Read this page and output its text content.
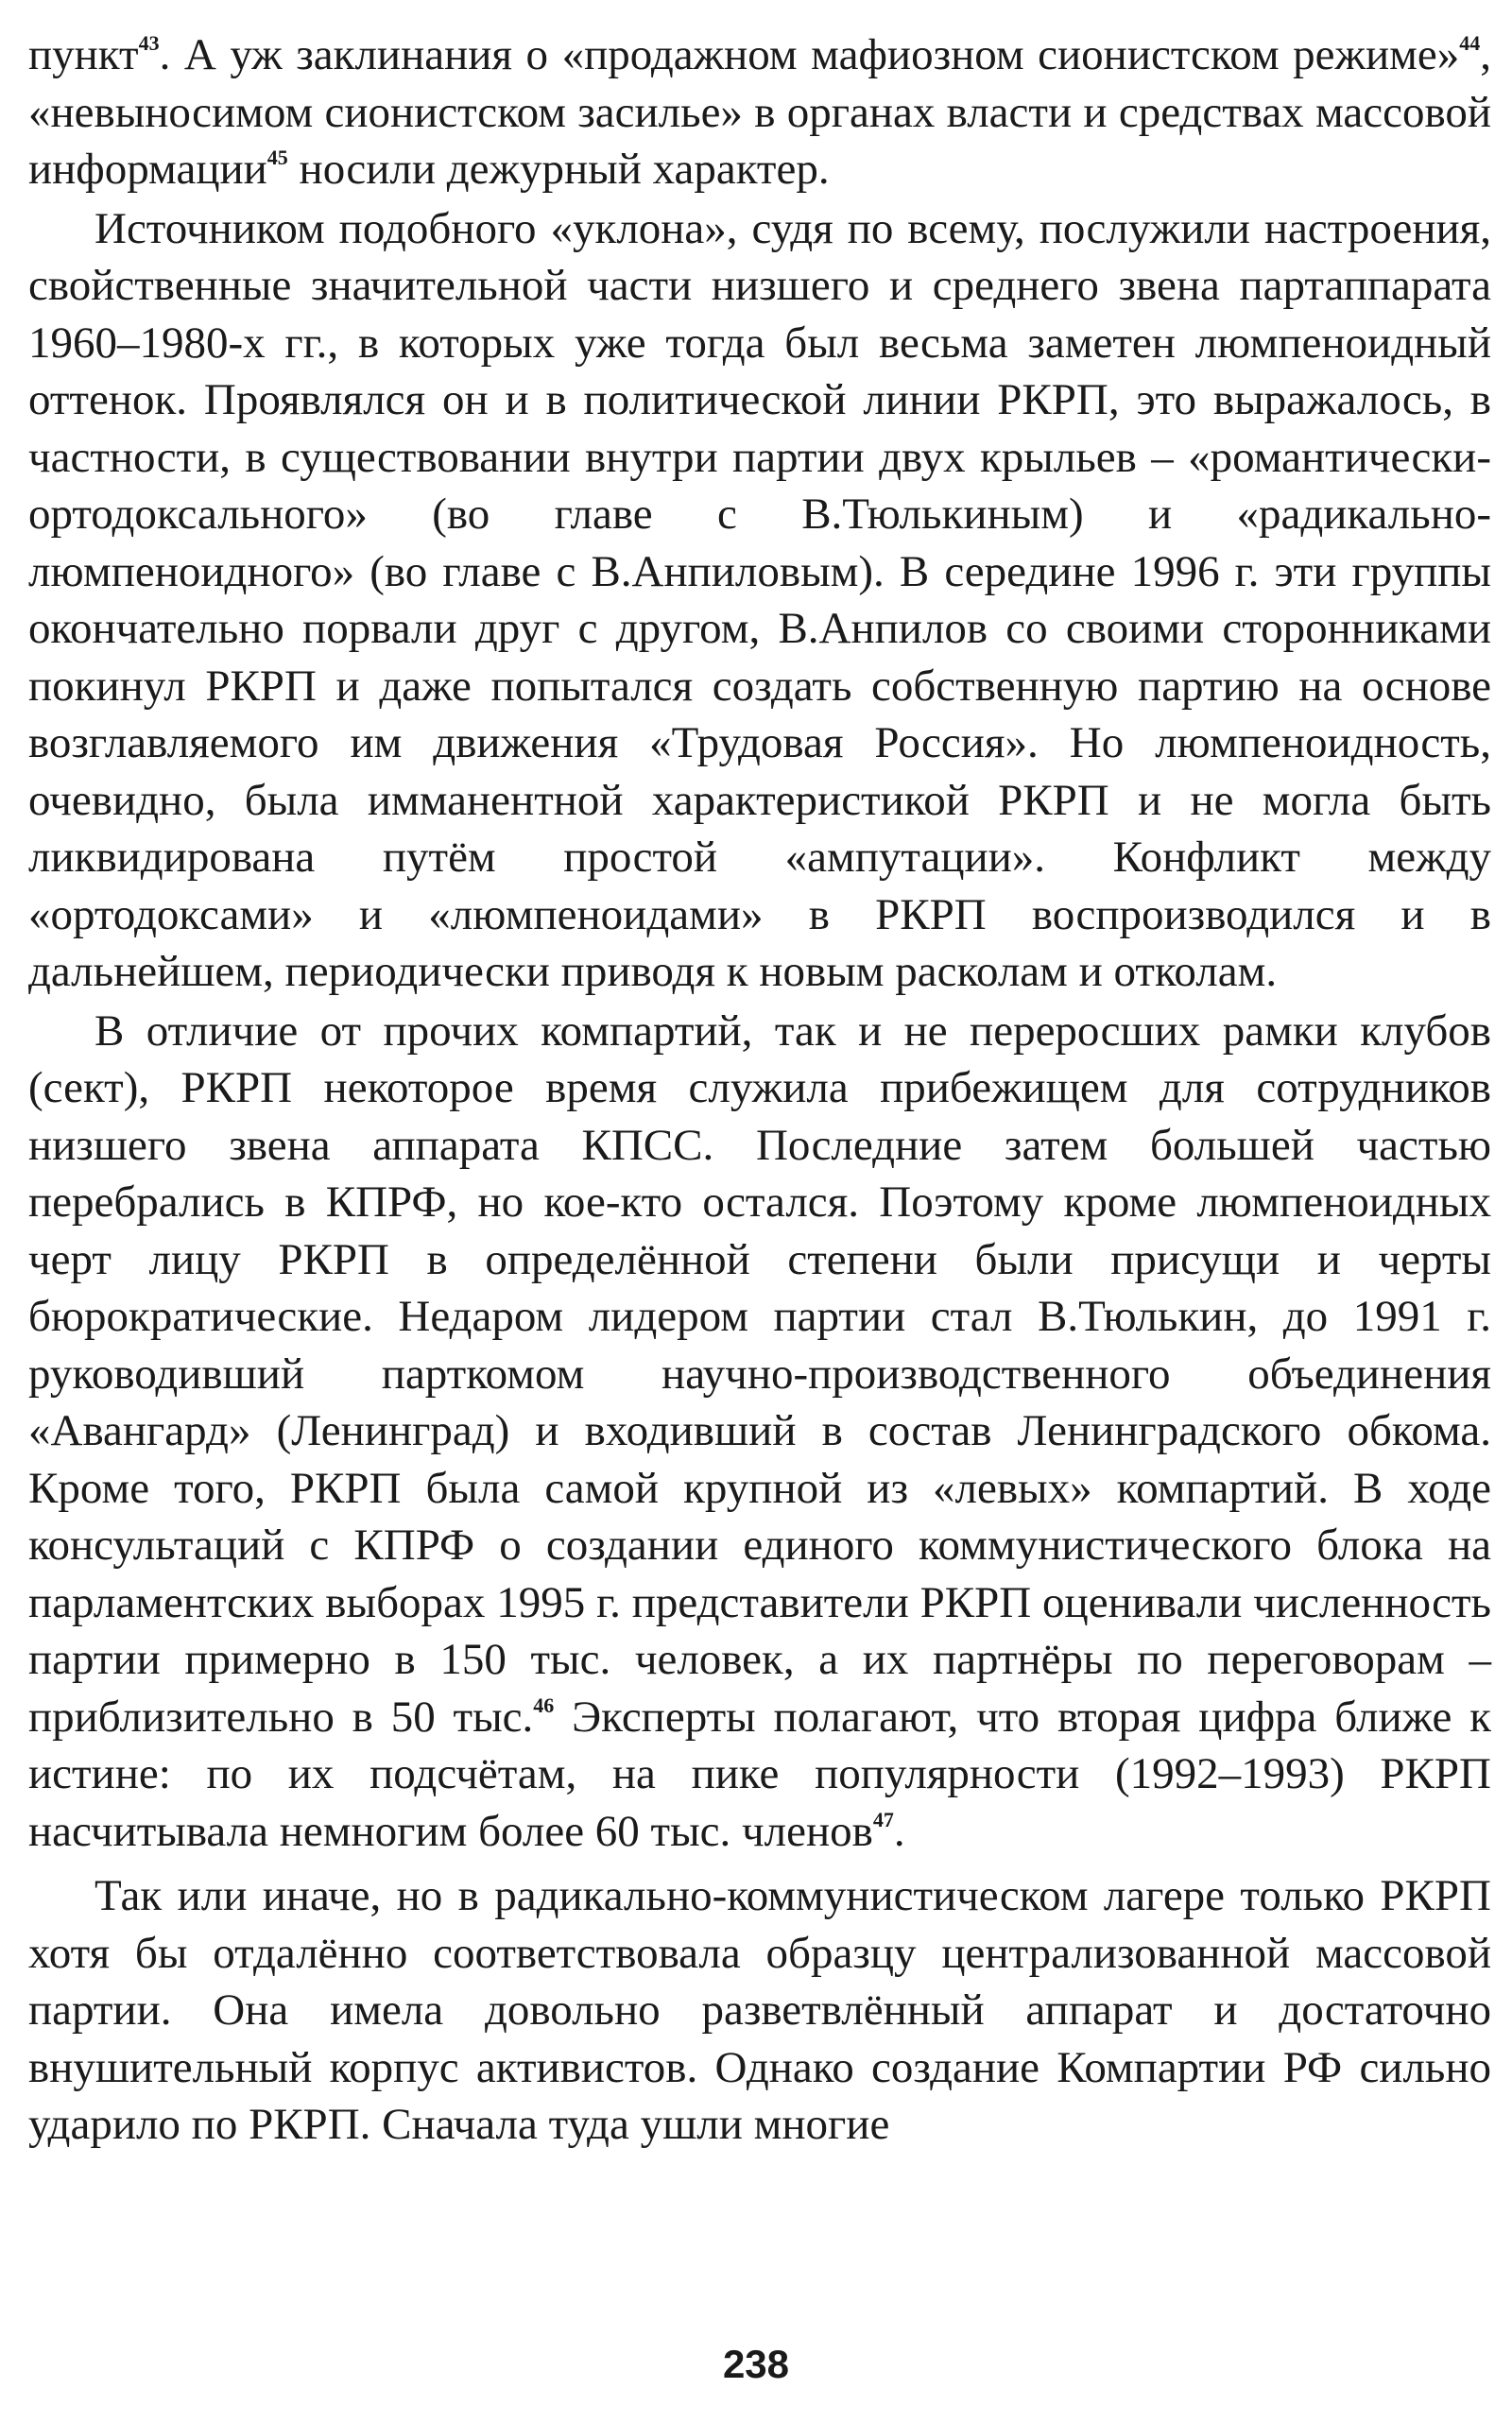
пункт$^{43}$. А уж заклинания о «продажном мафиозном сионистском режиме»$^{44}$, «невыносимом сионистском засилье» в органах власти и средствах массовой информации$^{45}$ носили дежурный характер.

Источником подобного «уклона», судя по всему, послужили настроения, свойственные значительной части низшего и среднего звена партаппарата 1960–1980-х гг., в которых уже тогда был весьма заметен люмпеноидный оттенок. Проявлялся он и в политической линии РКРП, это выражалось, в частности, в существовании внутри партии двух крыльев – «романтически-ортодоксального» (во главе с В.Тюлькиным) и «радикально-люмпеноидного» (во главе с В.Анпиловым). В середине 1996 г. эти группы окончательно порвали друг с другом, В.Анпилов со своими сторонниками покинул РКРП и даже попытался создать собственную партию на основе возглавляемого им движения «Трудовая Россия». Но люмпеноидность, очевидно, была имманентной характеристикой РКРП и не могла быть ликвидирована путём простой «ампутации». Конфликт между «ортодоксами» и «люмпеноидами» в РКРП воспроизводился и в дальнейшем, периодически приводя к новым расколам и отколам.

В отличие от прочих компартий, так и не переросших рамки клубов (сект), РКРП некоторое время служила прибежищем для сотрудников низшего звена аппарата КПСС. Последние затем большей частью перебрались в КПРФ, но кое-кто остался. Поэтому кроме люмпеноидных черт лицу РКРП в определённой степени были присущи и черты бюрократические. Недаром лидером партии стал В.Тюлькин, до 1991 г. руководивший парткомом научно-производственного объединения «Авангард» (Ленинград) и входивший в состав Ленинградского обкома. Кроме того, РКРП была самой крупной из «левых» компартий. В ходе консультаций с КПРФ о создании единого коммунистического блока на парламентских выборах 1995 г. представители РКРП оценивали численность партии примерно в 150 тыс. человек, а их партнёры по переговорам – приблизительно в 50 тыс.$^{46}$ Эксперты полагают, что вторая цифра ближе к истине: по их подсчётам, на пике популярности (1992–1993) РКРП насчитывала немногим более 60 тыс. членов$^{47}$.

Так или иначе, но в радикально-коммунистическом лагере только РКРП хотя бы отдалённо соответствовала образцу централизованной массовой партии. Она имела довольно разветвлённый аппарат и достаточно внушительный корпус активистов. Однако создание Компартии РФ сильно ударило по РКРП. Сначала туда ушли многие

238
